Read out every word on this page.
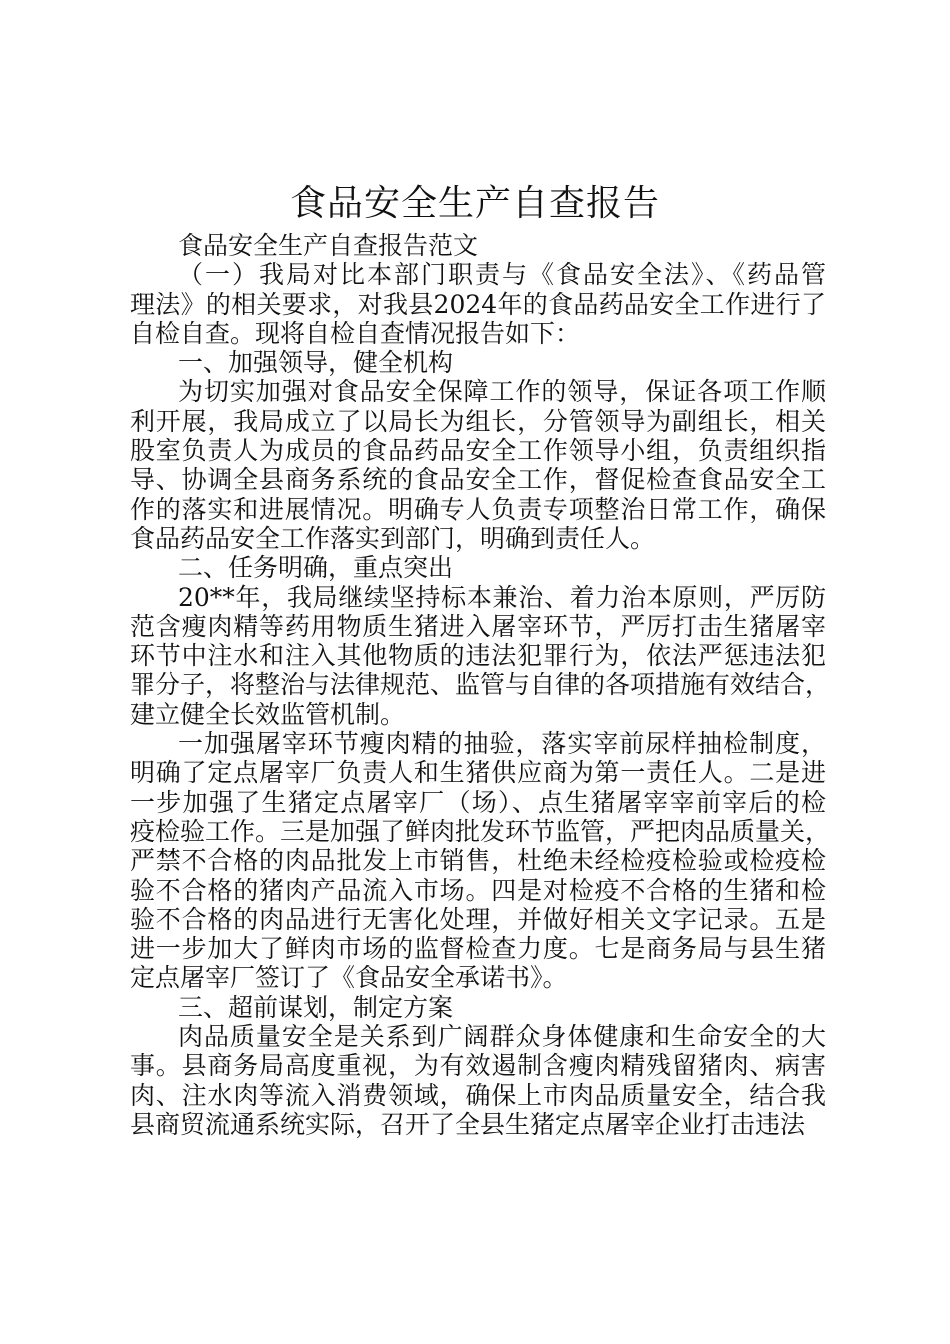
食品安全生产自查报告
食品安全生产自查报告范文
（一）我局对比本部门职责与《食品安全法》、《药品管
理法》的相关要求，对我县2024年的食品药品安全工作进行了
自检自查。现将自检自查情况报告如下：
一、加强领导，健全机构
为切实加强对食品安全保障工作的领导，保证各项工作顺
利开展，我局成立了以局长为组长，分管领导为副组长，相关
股室负责人为成员的食品药品安全工作领导小组，负责组织指
导、协调全县商务系统的食品安全工作，督促检查食品安全工
作的落实和进展情况。明确专人负责专项整治日常工作，确保
食品药品安全工作落实到部门，明确到责任人。
二、任务明确，重点突出
20**年，我局继续坚持标本兼治、着力治本原则，严厉防
范含瘦肉精等药用物质生猪进入屠宰环节，严厉打击生猪屠宰
环节中注水和注入其他物质的违法犯罪行为，依法严惩违法犯
罪分子，将整治与法律规范、监管与自律的各项措施有效结合，
建立健全长效监管机制。
一加强屠宰环节瘦肉精的抽验，落实宰前尿样抽检制度，
明确了定点屠宰厂负责人和生猪供应商为第一责任人。二是进
一步加强了生猪定点屠宰厂（场）、点生猪屠宰宰前宰后的检
疫检验工作。三是加强了鲜肉批发环节监管，严把肉品质量关，
严禁不合格的肉品批发上市销售，杜绝未经检疫检验或检疫检
验不合格的猪肉产品流入市场。四是对检疫不合格的生猪和检
验不合格的肉品进行无害化处理，并做好相关文字记录。五是
进一步加大了鲜肉市场的监督检查力度。七是商务局与县生猪
定点屠宰厂签订了《食品安全承诺书》。
三、超前谋划，制定方案
肉品质量安全是关系到广阔群众身体健康和生命安全的大
事。县商务局高度重视，为有效遏制含瘦肉精残留猪肉、病害
肉、注水肉等流入消费领域，确保上市肉品质量安全，结合我
县商贸流通系统实际，召开了全县生猪定点屠宰企业打击违法
